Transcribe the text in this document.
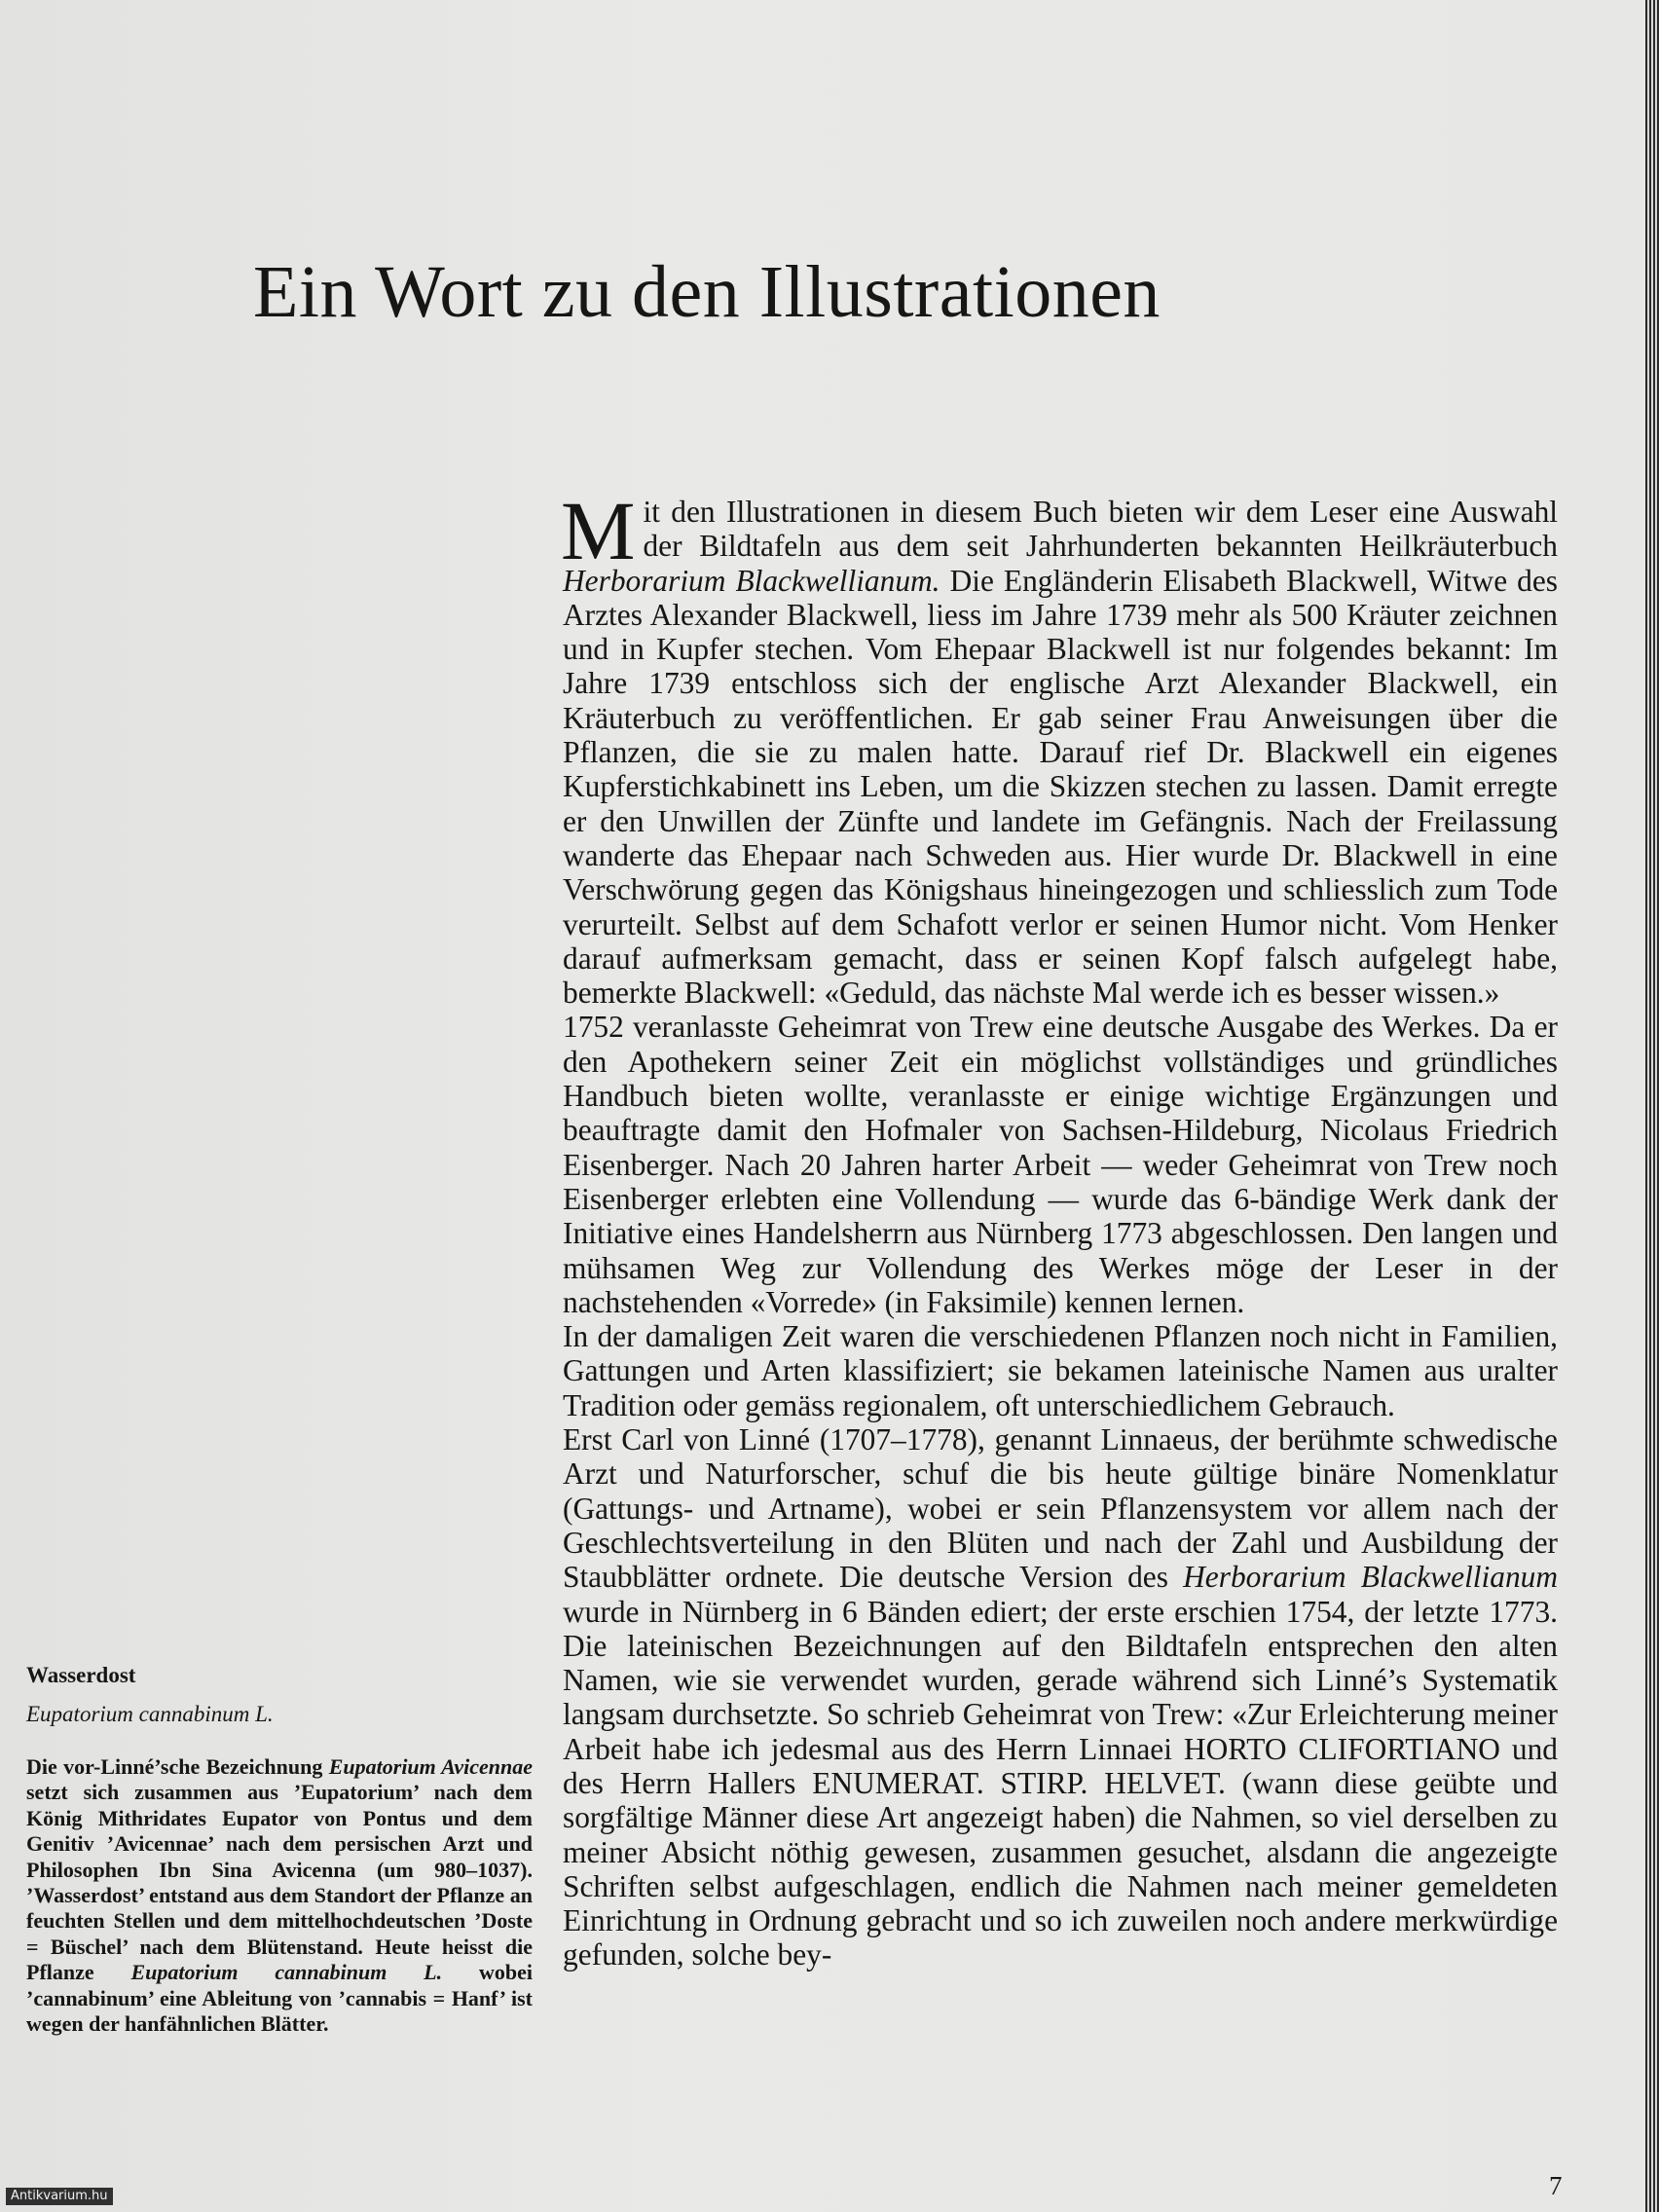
Ein Wort zu den Illustrationen

Mit den Illustrationen in diesem Buch bieten wir dem Leser eine Auswahl der Bildtafeln aus dem seit Jahrhunderten bekannten Heilkräuterbuch Herborarium Blackwellianum. Die Engländerin Elisabeth Blackwell, Witwe des Arztes Alexander Blackwell, liess im Jahre 1739 mehr als 500 Kräuter zeichnen und in Kupfer stechen. Vom Ehepaar Blackwell ist nur folgendes bekannt: Im Jahre 1739 entschloss sich der englische Arzt Alexander Blackwell, ein Kräuterbuch zu veröffentlichen. Er gab seiner Frau Anweisungen über die Pflanzen, die sie zu malen hatte. Darauf rief Dr. Blackwell ein eigenes Kupferstichkabinett ins Leben, um die Skizzen stechen zu lassen. Damit erregte er den Unwillen der Zünfte und landete im Gefängnis. Nach der Freilassung wanderte das Ehepaar nach Schweden aus. Hier wurde Dr. Blackwell in eine Verschwörung gegen das Königshaus hineingezogen und schliesslich zum Tode verurteilt. Selbst auf dem Schafott verlor er seinen Humor nicht. Vom Henker darauf aufmerksam gemacht, dass er seinen Kopf falsch aufgelegt habe, bemerkte Blackwell: «Geduld, das nächste Mal werde ich es besser wissen.»

1752 veranlasste Geheimrat von Trew eine deutsche Ausgabe des Werkes. Da er den Apothekern seiner Zeit ein möglichst vollständiges und gründliches Handbuch bieten wollte, veranlasste er einige wichtige Ergänzungen und beauftragte damit den Hofmaler von Sachsen-Hildeburg, Nicolaus Friedrich Eisenberger. Nach 20 Jahren harter Arbeit — weder Geheimrat von Trew noch Eisenberger erlebten eine Vollendung — wurde das 6-bändige Werk dank der Initiative eines Handelsherrn aus Nürnberg 1773 abgeschlossen. Den langen und mühsamen Weg zur Vollendung des Werkes möge der Leser in der nachstehenden «Vorrede» (in Faksimile) kennen lernen.

In der damaligen Zeit waren die verschiedenen Pflanzen noch nicht in Familien, Gattungen und Arten klassifiziert; sie bekamen lateinische Namen aus uralter Tradition oder gemäss regionalem, oft unterschiedlichem Gebrauch.

Erst Carl von Linné (1707–1778), genannt Linnaeus, der berühmte schwedische Arzt und Naturforscher, schuf die bis heute gültige binäre Nomenklatur (Gattungs- und Artname), wobei er sein Pflanzensystem vor allem nach der Geschlechtsverteilung in den Blüten und nach der Zahl und Ausbildung der Staubblätter ordnete. Die deutsche Version des Herborarium Blackwellianum wurde in Nürnberg in 6 Bänden ediert; der erste erschien 1754, der letzte 1773. Die lateinischen Bezeichnungen auf den Bildtafeln entsprechen den alten Namen, wie sie verwendet wurden, gerade während sich Linné’s Systematik langsam durchsetzte. So schrieb Geheimrat von Trew: «Zur Erleichterung meiner Arbeit habe ich jedesmal aus des Herrn Linnaei HORTO CLIFORTIANO und des Herrn Hallers ENUMERAT. STIRP. HELVET. (wann diese geübte und sorgfältige Männer diese Art angezeigt haben) die Nahmen, so viel derselben zu meiner Absicht nöthig gewesen, zusammen gesuchet, alsdann die angezeigte Schriften selbst aufgeschlagen, endlich die Nahmen nach meiner gemeldeten Einrichtung in Ordnung gebracht und so ich zuweilen noch andere merkwürdige gefunden, solche bey-

Wasserdost

Eupatorium cannabinum L.

Die vor-Linné’sche Bezeichnung Eupatorium Avicennae setzt sich zusammen aus ’Eupatorium’ nach dem König Mithridates Eupator von Pontus und dem Genitiv ’Avicennae’ nach dem persischen Arzt und Philosophen Ibn Sina Avicenna (um 980–1037). ’Wasserdost’ entstand aus dem Standort der Pflanze an feuchten Stellen und dem mittelhochdeutschen ’Doste = Büschel’ nach dem Blütenstand. Heute heisst die Pflanze Eupatorium cannabinum L. wobei ’cannabinum’ eine Ableitung von ’cannabis = Hanf’ ist wegen der hanfähnlichen Blätter.

7
Antikvarium.hu
